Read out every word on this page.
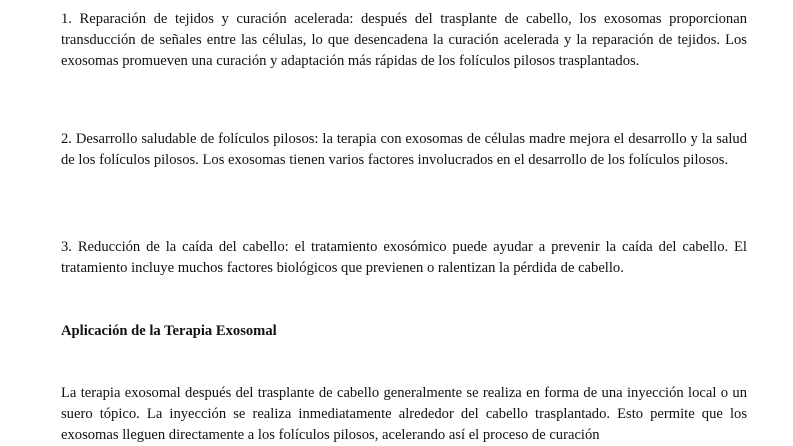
1. Reparación de tejidos y curación acelerada: después del trasplante de cabello, los exosomas proporcionan transducción de señales entre las células, lo que desencadena la curación acelerada y la reparación de tejidos. Los exosomas promueven una curación y adaptación más rápidas de los folículos pilosos trasplantados.

2. Desarrollo saludable de folículos pilosos: la terapia con exosomas de células madre mejora el desarrollo y la salud de los folículos pilosos. Los exosomas tienen varios factores involucrados en el desarrollo de los folículos pilosos.

3. Reducción de la caída del cabello: el tratamiento exosómico puede ayudar a prevenir la caída del cabello. El tratamiento incluye muchos factores biológicos que previenen o ralentizan la pérdida de cabello.

Aplicación de la Terapia Exosomal

La terapia exosomal después del trasplante de cabello generalmente se realiza en forma de una inyección local o un suero tópico. La inyección se realiza inmediatamente alrededor del cabello trasplantado. Esto permite que los exosomas lleguen directamente a los folículos pilosos, acelerando así el proceso de curación
